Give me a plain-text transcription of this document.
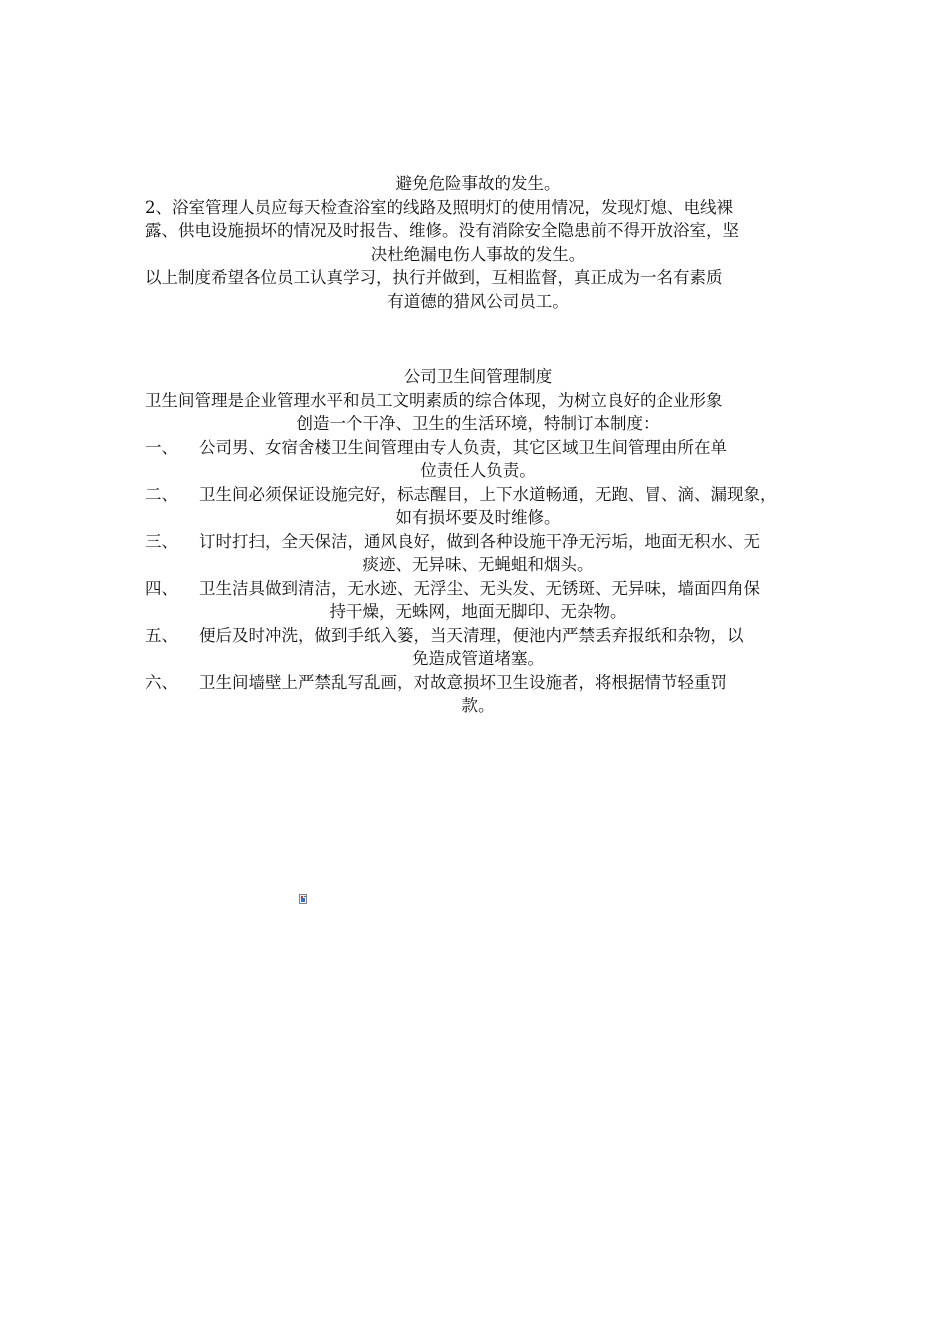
避免危险事故的发生。
2、浴室管理人员应每天检查浴室的线路及照明灯的使用情况，发现灯熄、电线裸
露、供电设施损坏的情况及时报告、维修。没有消除安全隐患前不得开放浴室，坚
决杜绝漏电伤人事故的发生。
以上制度希望各位员工认真学习，执行并做到，互相监督，真正成为一名有素质
有道德的猎风公司员工。
公司卫生间管理制度
卫生间管理是企业管理水平和员工文明素质的综合体现，为树立良好的企业形象
创造一个干净、卫生的生活环境，特制订本制度：
一、 公司男、女宿舍楼卫生间管理由专人负责，其它区域卫生间管理由所在单
位责任人负责。
二、 卫生间必须保证设施完好，标志醒目，上下水道畅通，无跑、冒、滴、漏现象，
如有损坏要及时维修。
三、 订时打扫，全天保洁，通风良好，做到各种设施干净无污垢，地面无积水、无
痰迹、无异味、无蝇蛆和烟头。
四、 卫生洁具做到清洁，无水迹、无浮尘、无头发、无锈斑、无异味，墙面四角保
持干燥，无蛛网，地面无脚印、无杂物。
五、 便后及时冲洗，做到手纸入篓，当天清理，便池内严禁丢弃报纸和杂物，以
免造成管道堵塞。
六、 卫生间墙壁上严禁乱写乱画，对故意损坏卫生设施者，将根据情节轻重罚
款。
